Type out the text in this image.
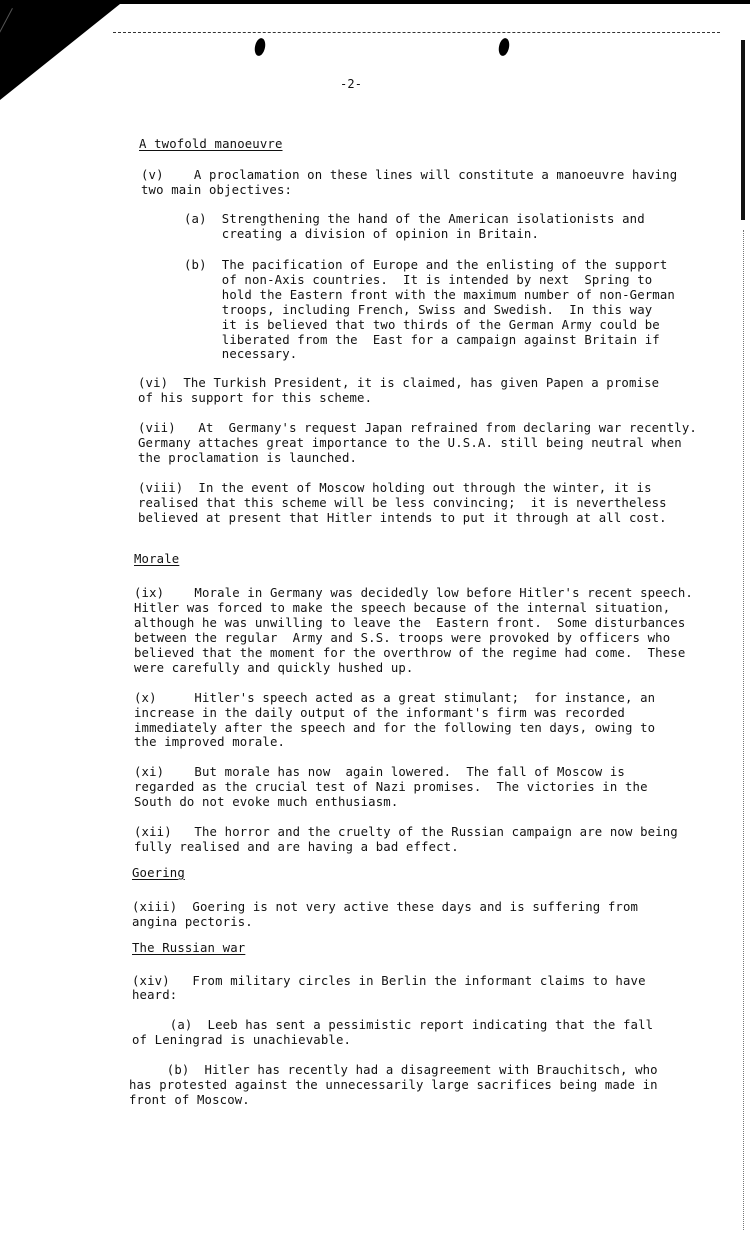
-2-
A twofold manoeuvre
(v)    A proclamation on these lines will constitute a manoeuvre having
two main objectives:
(a)  Strengthening the hand of the American isolationists and
creating a division of opinion in Britain.
(b)  The pacification of Europe and the enlisting of the support
of non-Axis countries.  It is intended by next  Spring to
hold the Eastern front with the maximum number of non-German
troops, including French, Swiss and Swedish.  In this way
it is believed that two thirds of the German Army could be
liberated from the  East for a campaign against Britain if
necessary.
(vi)  The Turkish President, it is claimed, has given Papen a promise
of his support for this scheme.
(vii)   At  Germany's request Japan refrained from declaring war recently.
Germany attaches great importance to the U.S.A. still being neutral when
the proclamation is launched.
(viii)  In the event of Moscow holding out through the winter, it is
realised that this scheme will be less convincing;  it is nevertheless
believed at present that Hitler intends to put it through at all cost.
Morale
(ix)    Morale in Germany was decidedly low before Hitler's recent speech.
Hitler was forced to make the speech because of the internal situation,
although he was unwilling to leave the  Eastern front.  Some disturbances
between the regular  Army and S.S. troops were provoked by officers who
believed that the moment for the overthrow of the regime had come.  These
were carefully and quickly hushed up.
(x)     Hitler's speech acted as a great stimulant;  for instance, an
increase in the daily output of the informant's firm was recorded
immediately after the speech and for the following ten days, owing to
the improved morale.
(xi)    But morale has now  again lowered.  The fall of Moscow is
regarded as the crucial test of Nazi promises.  The victories in the
South do not evoke much enthusiasm.
(xii)   The horror and the cruelty of the Russian campaign are now being
fully realised and are having a bad effect.
Goering
(xiii)  Goering is not very active these days and is suffering from
angina pectoris.
The Russian war
(xiv)   From military circles in Berlin the informant claims to have
heard:
(a)  Leeb has sent a pessimistic report indicating that the fall
of Leningrad is unachievable.
(b)  Hitler has recently had a disagreement with Brauchitsch, who
has protested against the unnecessarily large sacrifices being made in
front of Moscow.
